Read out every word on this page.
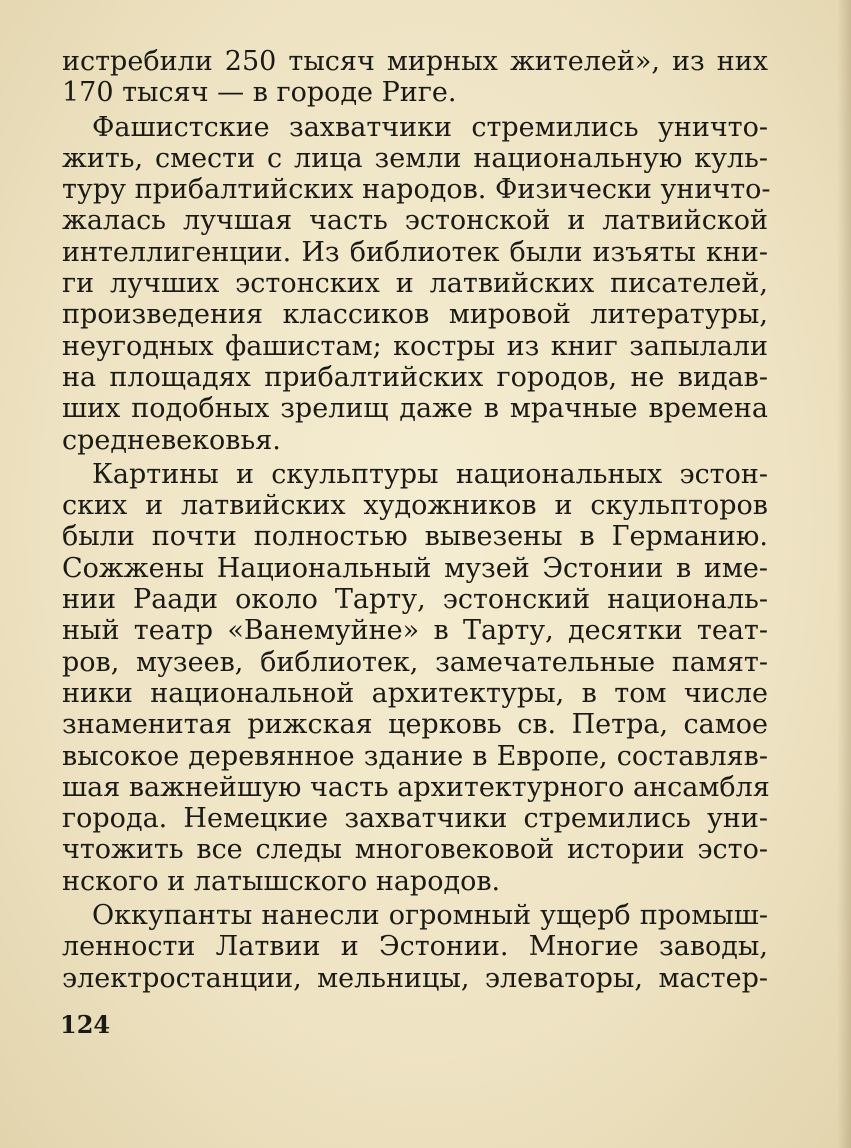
истребили 250 тысяч мирных жителей», из них
170 тысяч — в городе Риге.
Фашистские захватчики стремились уничто-
жить, смести с лица земли национальную куль-
туру прибалтийских народов. Физически уничто-
жалась лучшая часть эстонской и латвийской
интеллигенции. Из библиотек были изъяты кни-
ги лучших эстонских и латвийских писателей,
произведения классиков мировой литературы,
неугодных фашистам; костры из книг запылали
на площадях прибалтийских городов, не видав-
ших подобных зрелищ даже в мрачные времена
средневековья.
Картины и скульптуры национальных эстон-
ских и латвийских художников и скульпторов
были почти полностью вывезены в Германию.
Сожжены Национальный музей Эстонии в име-
нии Раади около Тарту, эстонский националь-
ный театр «Ванемуйне» в Тарту, десятки теат-
ров, музеев, библиотек, замечательные памят-
ники национальной архитектуры, в том числе
знаменитая рижская церковь св. Петра, самое
высокое деревянное здание в Европе, составляв-
шая важнейшую часть архитектурного ансамбля
города. Немецкие захватчики стремились уни-
чтожить все следы многовековой истории эсто-
нского и латышского народов.
Оккупанты нанесли огромный ущерб промыш-
ленности Латвии и Эстонии. Многие заводы,
электростанции, мельницы, элеваторы, мастер-
124
